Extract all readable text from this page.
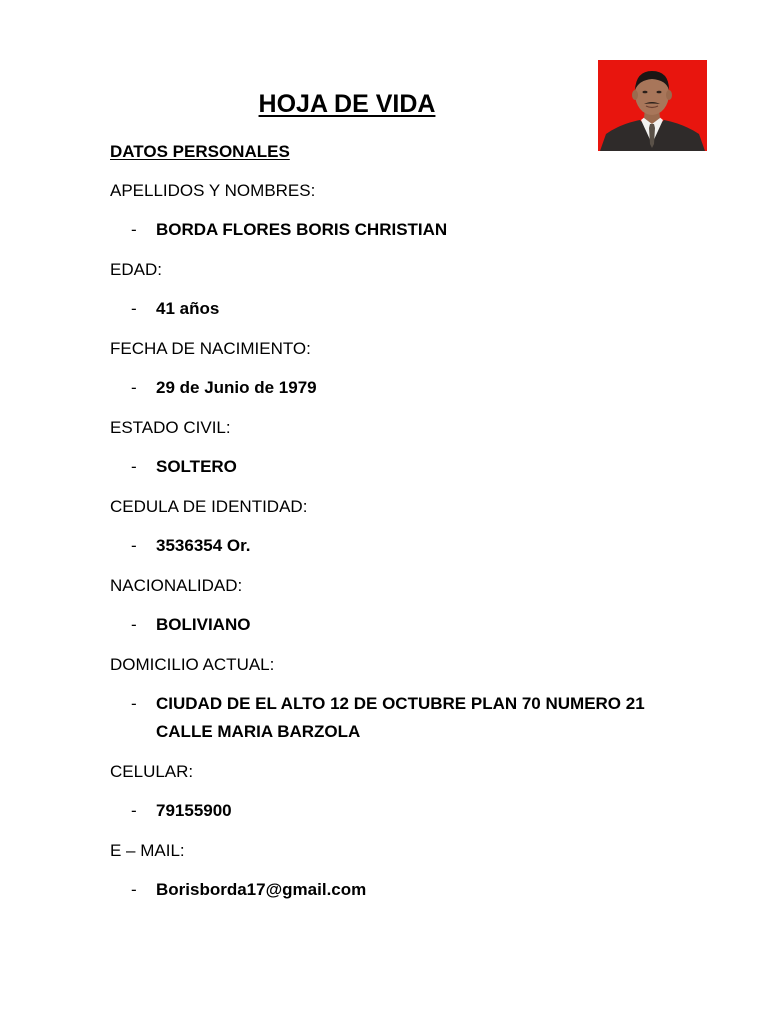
HOJA DE VIDA
DATOS PERSONALES

APELLIDOS Y NOMBRES:

-	BORDA FLORES BORIS CHRISTIAN

EDAD:

-	41 años

FECHA DE NACIMIENTO:

-	29 de Junio de 1979

ESTADO CIVIL:

-	SOLTERO

CEDULA DE IDENTIDAD:

-	3536354 Or.

NACIONALIDAD:

-	BOLIVIANO

DOMICILIO ACTUAL:

-	CIUDAD DE EL ALTO 12 DE OCTUBRE PLAN 70 NUMERO 21 CALLE MARIA BARZOLA

CELULAR:

-	79155900

E – MAIL:

-	Borisborda17@gmail.com
